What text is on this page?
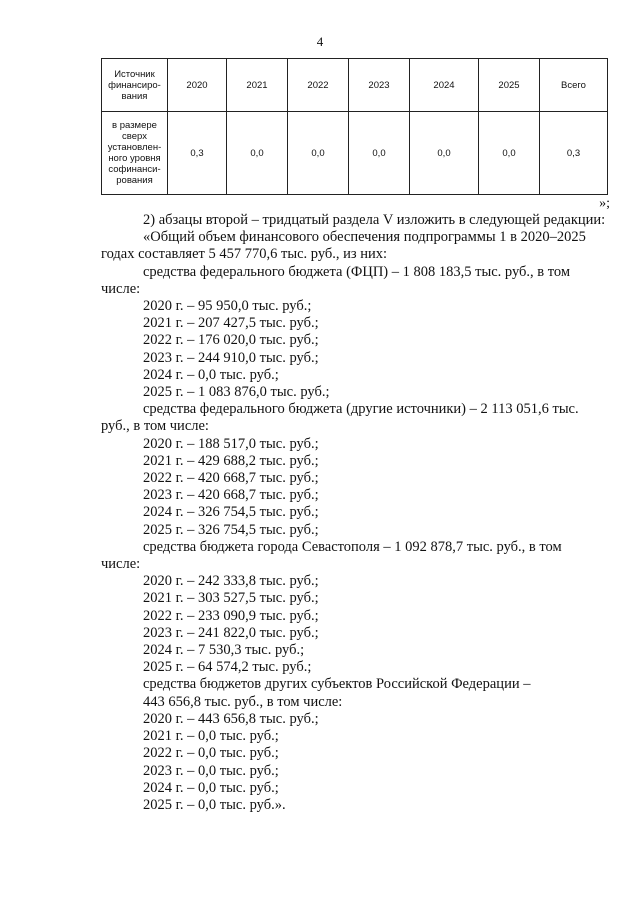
4
Источник финансиро-вания	2020	2021	2022	2023	2024	2025	Всего
в размере сверх установлен-ного уровня софинанси-рования	0,3	0,0	0,0	0,0	0,0	0,0	0,3
»;
2) абзацы второй – тридцатый раздела V изложить в следующей редакции:
«Общий объем финансового обеспечения подпрограммы 1 в 2020–2025
годах составляет 5 457 770,6 тыс. руб., из них:
средства федерального бюджета (ФЦП) – 1 808 183,5 тыс. руб., в том
числе:
2020 г. – 95 950,0 тыс. руб.;
2021 г. – 207 427,5 тыс. руб.;
2022 г. – 176 020,0 тыс. руб.;
2023 г. – 244 910,0 тыс. руб.;
2024 г. – 0,0 тыс. руб.;
2025 г. – 1 083 876,0 тыс. руб.;
средства федерального бюджета (другие источники) – 2 113 051,6 тыс.
руб., в том числе:
2020 г. – 188 517,0 тыс. руб.;
2021 г. – 429 688,2 тыс. руб.;
2022 г. – 420 668,7 тыс. руб.;
2023 г. – 420 668,7 тыс. руб.;
2024 г. – 326 754,5 тыс. руб.;
2025 г. – 326 754,5 тыс. руб.;
средства бюджета города Севастополя – 1 092 878,7 тыс. руб., в том
числе:
2020 г. – 242 333,8 тыс. руб.;
2021 г. – 303 527,5 тыс. руб.;
2022 г. – 233 090,9 тыс. руб.;
2023 г. – 241 822,0 тыс. руб.;
2024 г. – 7 530,3 тыс. руб.;
2025 г. – 64 574,2 тыс. руб.;
средства бюджетов других субъектов Российской Федерации –
443 656,8 тыс. руб., в том числе:
2020 г. – 443 656,8 тыс. руб.;
2021 г. – 0,0 тыс. руб.;
2022 г. – 0,0 тыс. руб.;
2023 г. – 0,0 тыс. руб.;
2024 г. – 0,0 тыс. руб.;
2025 г. – 0,0 тыс. руб.».
